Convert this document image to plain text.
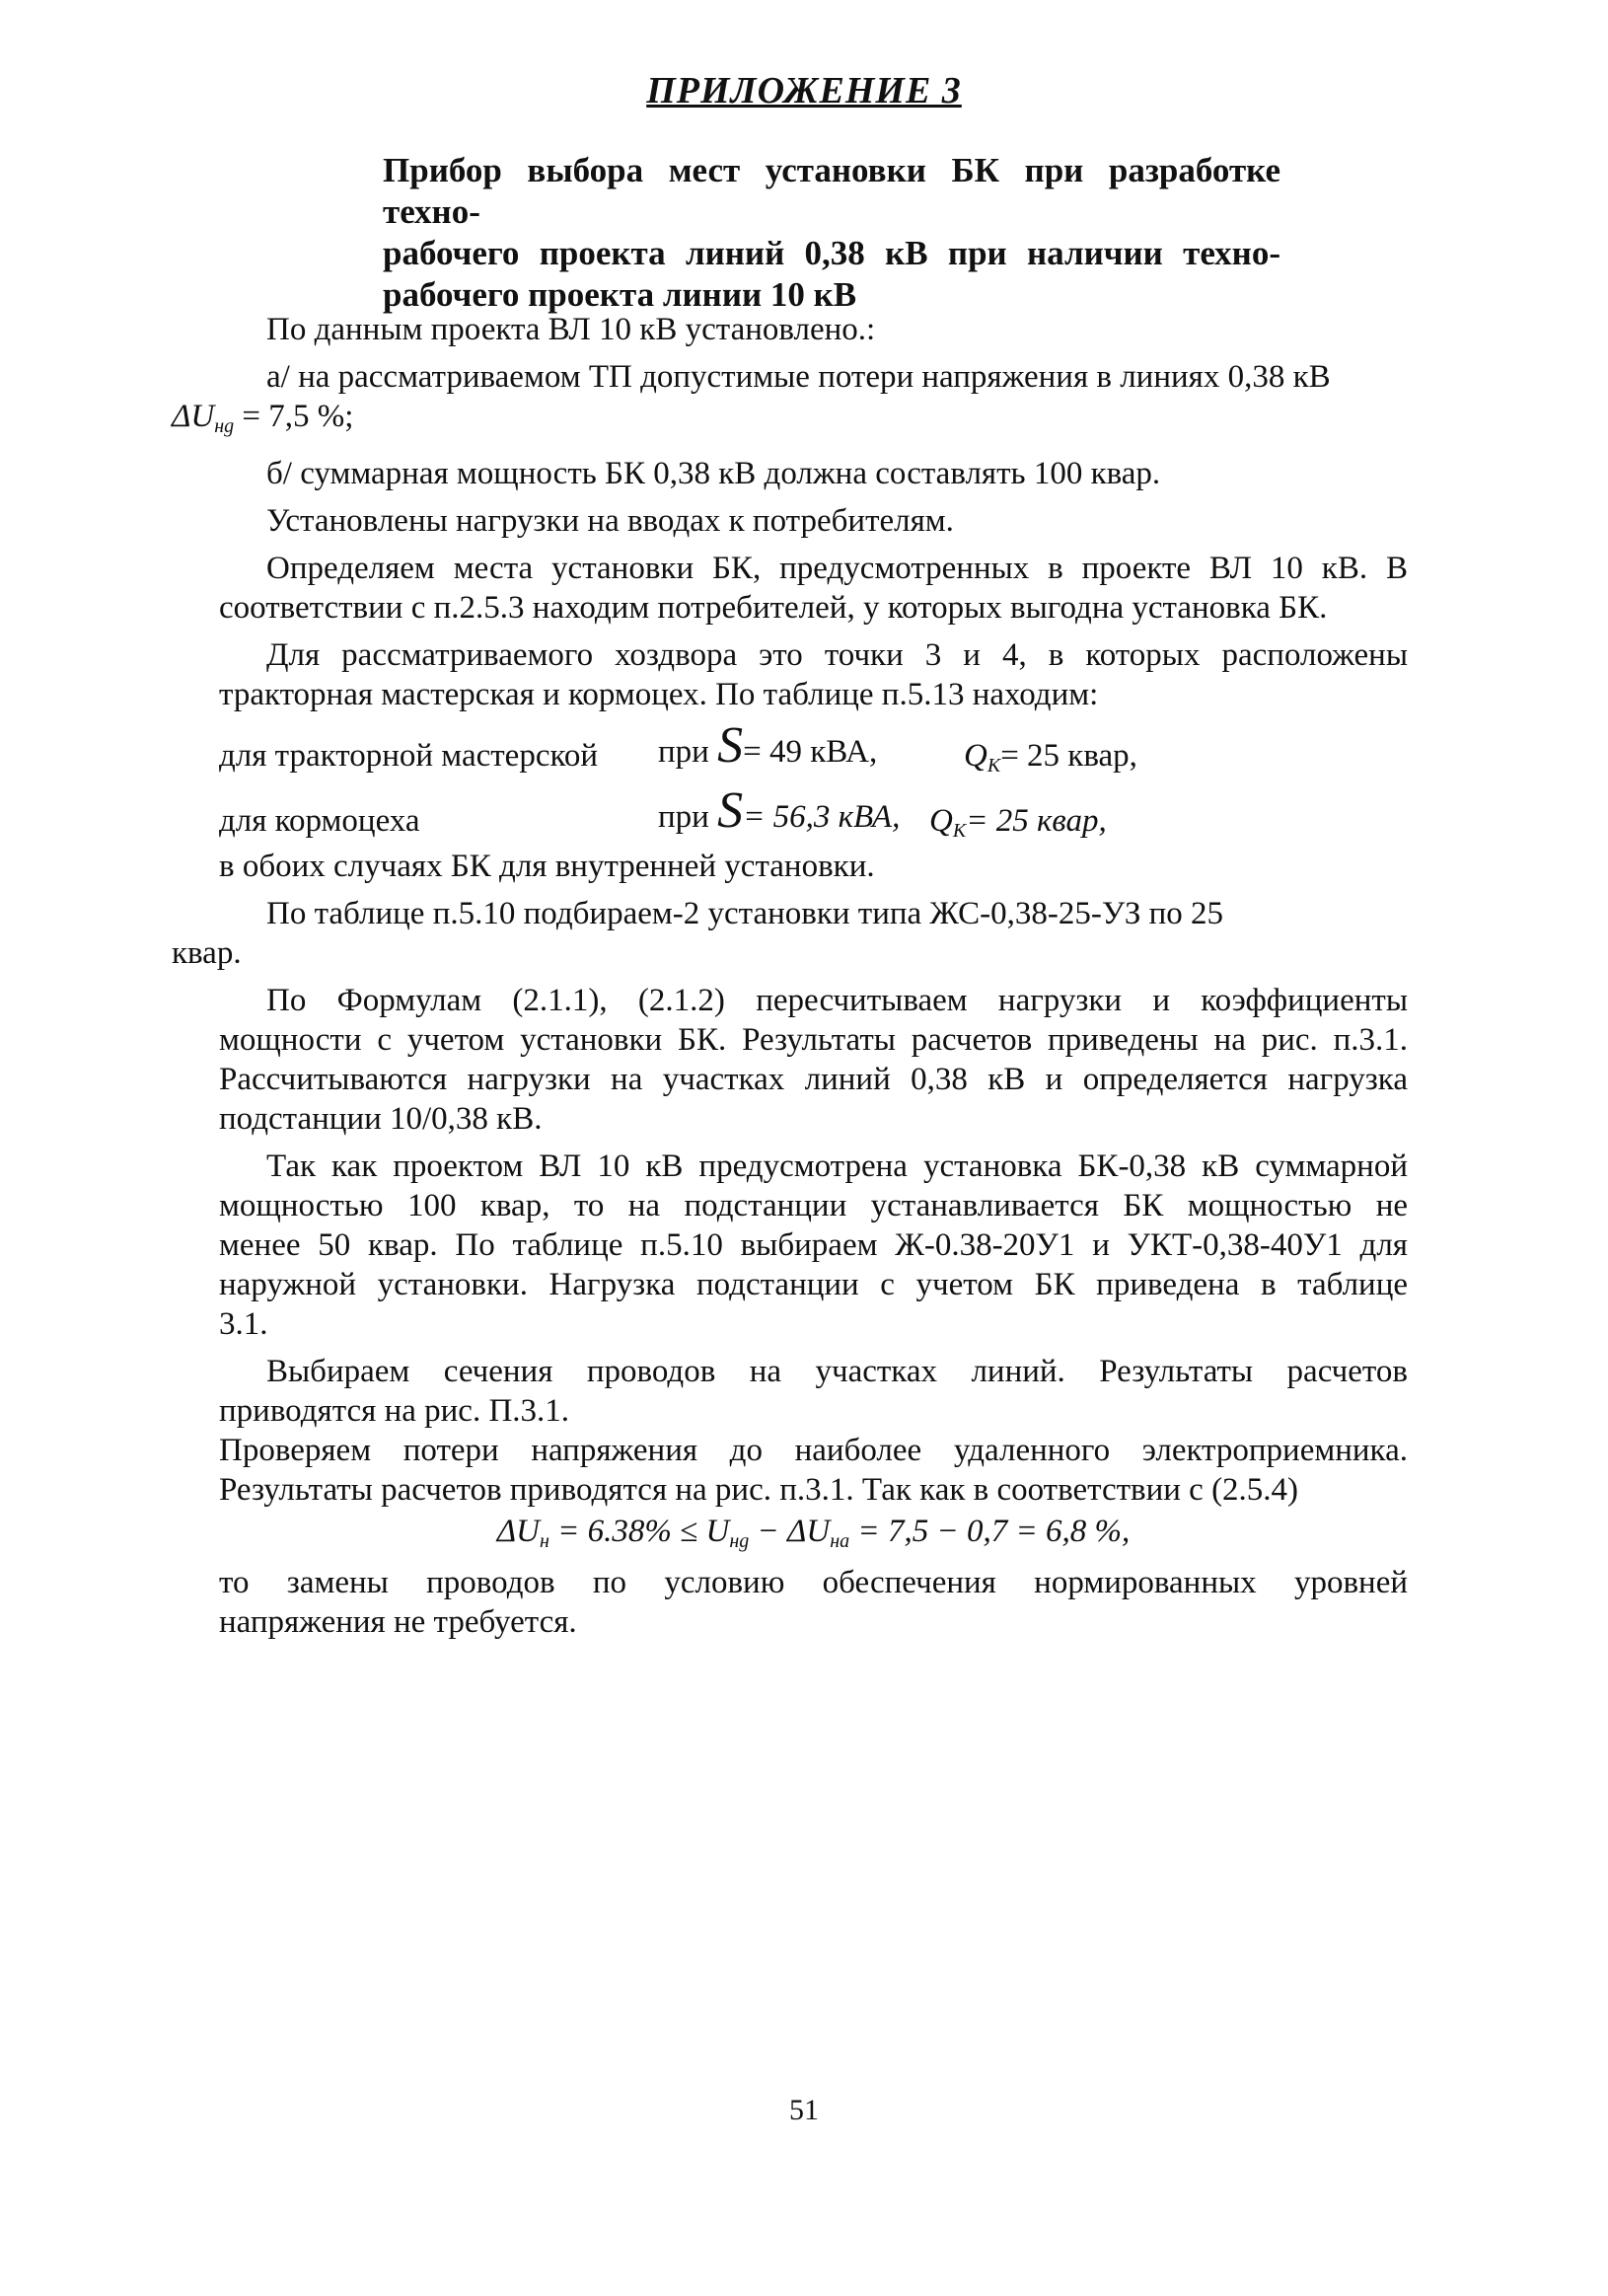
ПРИЛОЖЕНИЕ 3
Прибор выбора мест установки БК при разработке техно-
рабочего проекта линий 0,38 кВ при наличии техно-
рабочего проекта линии 10 кВ

По данным проекта ВЛ 10 кВ установлено.:

а/ на рассматриваемом ТП допустимые потери напряжения в линиях 0,38 кВ
$\Delta U_{нg} = 7,5$ %;

б/ суммарная мощность БК 0,38 кВ должна составлять 100 квар.

Установлены нагрузки на вводах к потребителям.

Определяем места установки БК, предусмотренных в проекте ВЛ 10 кВ. В
соответствии с п.2.5.3 находим потребителей, у которых выгодна установка БК.

Для рассматриваемого хоздвора это точки 3 и 4, в которых расположены
тракторная мастерская и кормоцех. По таблице п.5.13 находим:

для тракторной мастерской при S= 49 кВА,	$Q_K= 25$ квар,
для кормоцеха	при S= 56,3 кВА, $Q_K= 25$ квар,

в обоих случаях БК для внутренней установки.

По таблице п.5.10 подбираем-2 установки типа ЖС-0,38-25-УЗ по 25
квар.

По Формулам (2.1.1), (2.1.2) пересчитываем нагрузки и коэффициенты
мощности с учетом установки БК. Результаты расчетов приведены на рис. п.3.1.
Рассчитываются нагрузки на участках линий 0,38 кВ и определяется нагрузка
подстанции 10/0,38 кВ.

Так как проектом ВЛ 10 кВ предусмотрена установка БК-0,38 кВ суммарной
мощностью 100 квар, то на подстанции устанавливается БК мощностью не
менее 50 квар. По таблице п.5.10 выбираем Ж-0.38-20У1 и УКТ-0,38-40У1 для
наружной установки. Нагрузка подстанции с учетом БК приведена в таблице
3.1.

Выбираем сечения проводов на участках линий. Результаты расчетов
приводятся на рис. П.3.1.

Проверяем потери напряжения до наиболее удаленного электроприемника.
Результаты расчетов приводятся на рис. п.3.1. Так как в соответствии с (2.5.4)

$\Delta U_н = 6.38\% \le U_{нg} - \Delta U_{на} = 7,5 - 0,7 = 6,8$ %,

то замены проводов по условию обеспечения нормированных уровней
напряжения не требуется.

51
